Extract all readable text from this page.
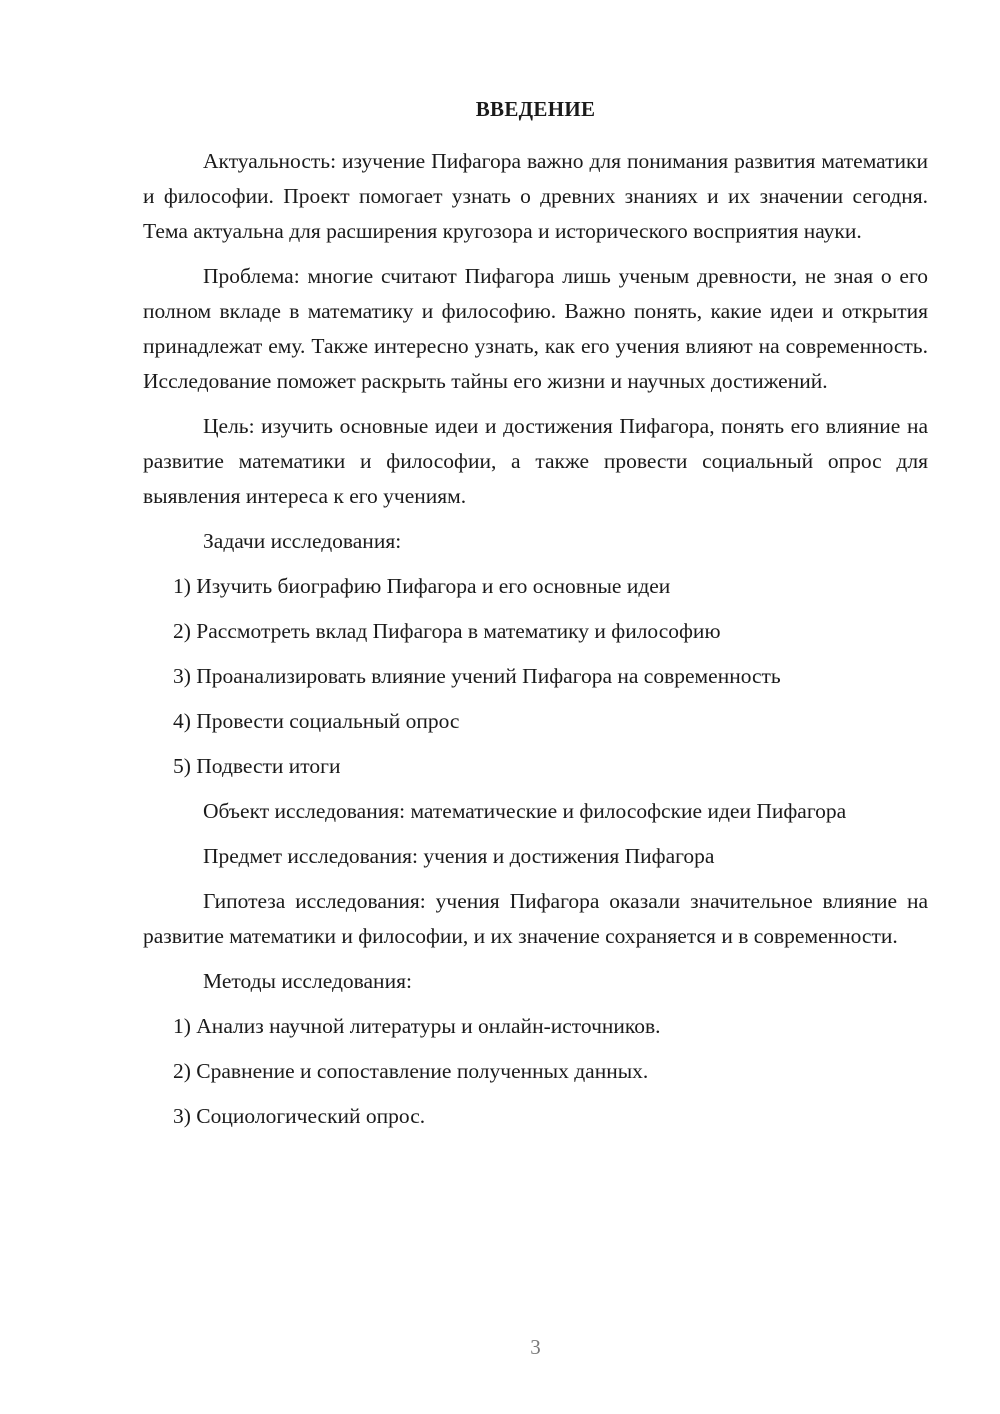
ВВЕДЕНИЕ

Актуальность: изучение Пифагора важно для понимания развития математики и философии. Проект помогает узнать о древних знаниях и их значении сегодня. Тема актуальна для расширения кругозора и исторического восприятия науки.

Проблема: многие считают Пифагора лишь ученым древности, не зная о его полном вкладе в математику и философию. Важно понять, какие идеи и открытия принадлежат ему. Также интересно узнать, как его учения влияют на современность. Исследование поможет раскрыть тайны его жизни и научных достижений.

Цель: изучить основные идеи и достижения Пифагора, понять его влияние на развитие математики и философии, а также провести социальный опрос для выявления интереса к его учениям.

Задачи исследования:

1) Изучить биографию Пифагора и его основные идеи

2) Рассмотреть вклад Пифагора в математику и философию

3) Проанализировать влияние учений Пифагора на современность

4) Провести социальный опрос

5) Подвести итоги

Объект исследования: математические и философские идеи Пифагора

Предмет исследования: учения и достижения Пифагора

Гипотеза исследования: учения Пифагора оказали значительное влияние на развитие математики и философии, и их значение сохраняется и в современности.

Методы исследования:

1) Анализ научной литературы и онлайн-источников.

2) Сравнение и сопоставление полученных данных.

3) Социологический опрос.

3
